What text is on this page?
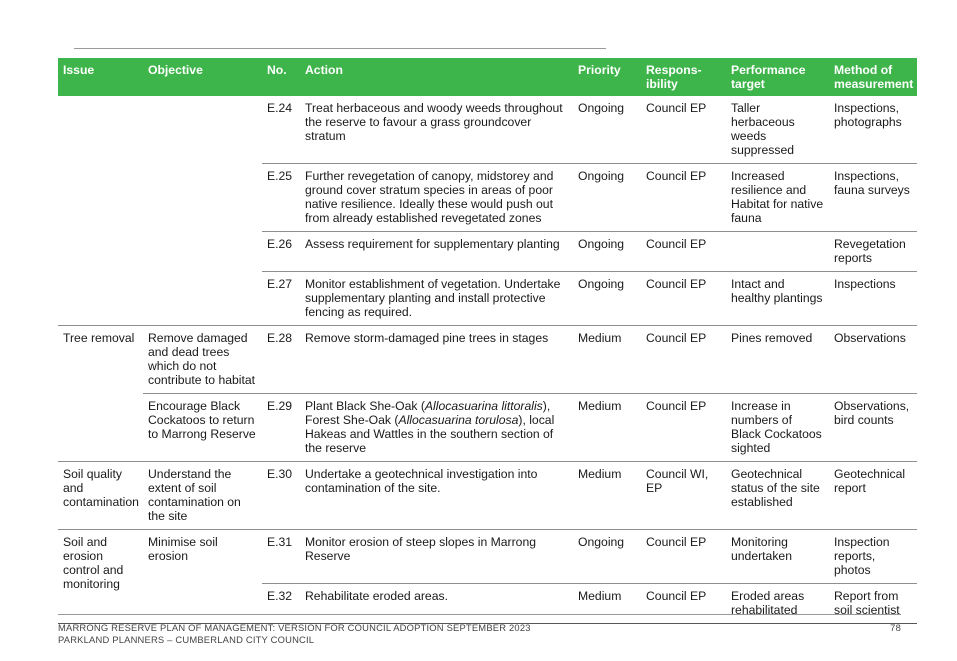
Issue	Objective	No.	Action	Priority	Respons-ibility	Performance target	Method of measurement
		E.24	Treat herbaceous and woody weeds throughout the reserve to favour a grass groundcover stratum	Ongoing	Council EP	Taller herbaceous weeds suppressed	Inspections, photographs
		E.25	Further revegetation of canopy, midstorey and ground cover stratum species in areas of poor native resilience. Ideally these would push out from already established revegetated zones	Ongoing	Council EP	Increased resilience and Habitat for native fauna	Inspections, fauna surveys
		E.26	Assess requirement for supplementary planting	Ongoing	Council EP		Revegetation reports
		E.27	Monitor establishment of vegetation. Undertake supplementary planting and install protective fencing as required.	Ongoing	Council EP	Intact and healthy plantings	Inspections
Tree removal	Remove damaged and dead trees which do not contribute to habitat	E.28	Remove storm-damaged pine trees in stages	Medium	Council EP	Pines removed	Observations
	Encourage Black Cockatoos to return to Marrong Reserve	E.29	Plant Black She-Oak (Allocasuarina littoralis), Forest She-Oak (Allocasuarina torulosa), local Hakeas and Wattles in the southern section of the reserve	Medium	Council EP	Increase in numbers of Black Cockatoos sighted	Observations, bird counts
Soil quality and contamination	Understand the extent of soil contamination on the site	E.30	Undertake a geotechnical investigation into contamination of the site.	Medium	Council WI, EP	Geotechnical status of the site established	Geotechnical report
Soil and erosion control and monitoring	Minimise soil erosion	E.31	Monitor erosion of steep slopes in Marrong Reserve	Ongoing	Council EP	Monitoring undertaken	Inspection reports, photos
		E.32	Rehabilitate eroded areas.	Medium	Council EP	Eroded areas rehabilitated	Report from soil scientist
MARRONG RESERVE PLAN OF MANAGEMENT: VERSION FOR COUNCIL ADOPTION SEPTEMBER 2023
PARKLAND PLANNERS – CUMBERLAND CITY COUNCIL
78
